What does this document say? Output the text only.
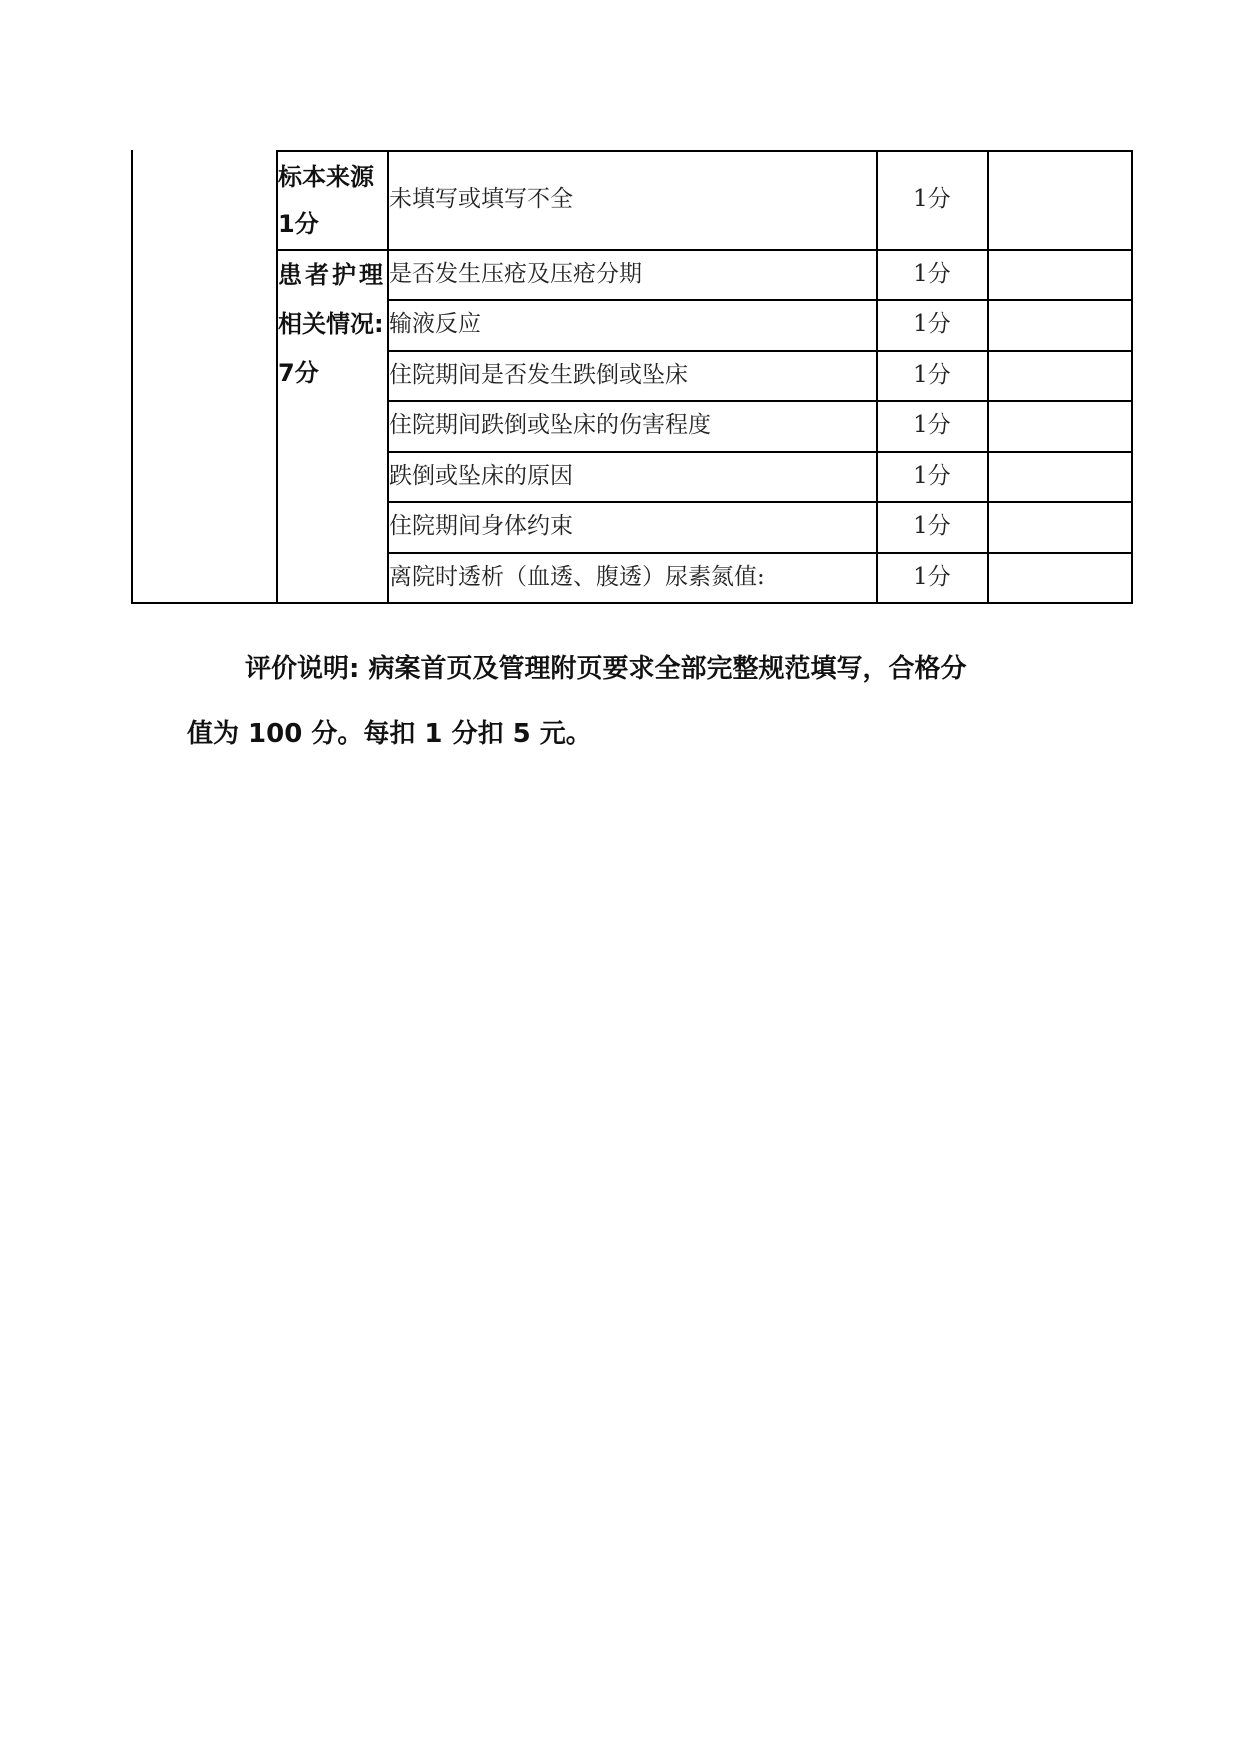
标本来源
1分
未填写或填写不全	1分
患者护理
相关情况:
7分
是否发生压疮及压疮分期	1分
输液反应	1分
住院期间是否发生跌倒或坠床	1分
住院期间跌倒或坠床的伤害程度	1分
跌倒或坠床的原因	1分
住院期间身体约束	1分
离院时透析（血透、腹透）尿素氮值:	1分
评价说明: 病案首页及管理附页要求全部完整规范填写，合格分
值为 100 分。每扣 1 分扣 5 元。
